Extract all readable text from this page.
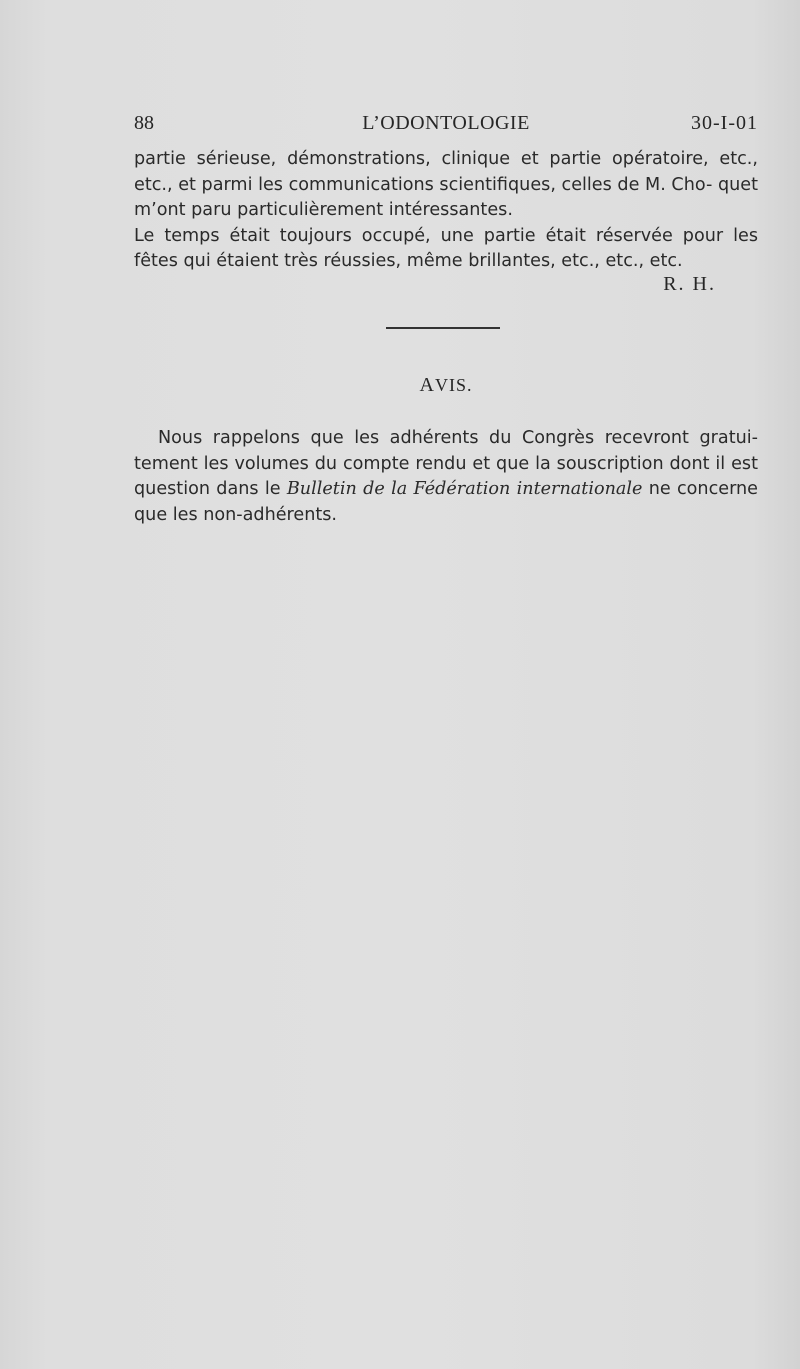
88	L’ODONTOLOGIE	30-I-01

partie sérieuse, démonstrations, clinique et partie opératoire, etc., etc., et parmi les communications scientifiques, celles de M. Cho- quet m’ont paru particulièrement intéressantes.

Le temps était toujours occupé, une partie était réservée pour les fêtes qui étaient très réussies, même brillantes, etc., etc., etc.

R. H.
AVIS.

Nous rappelons que les adhérents du Congrès recevront gratuitement les volumes du compte rendu et que la souscription dont il est question dans le Bulletin de la Fédération internationale ne concerne que les non-adhérents.
